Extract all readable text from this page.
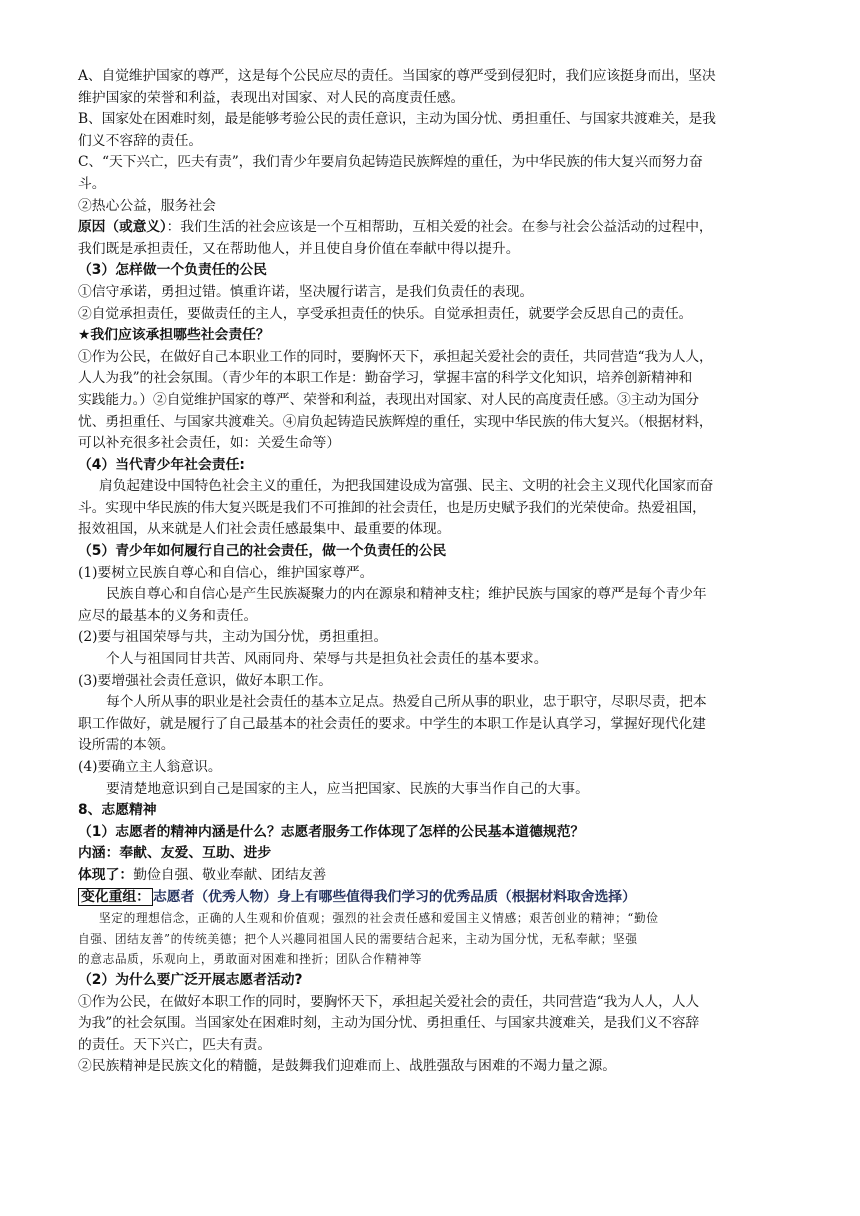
A、自觉维护国家的尊严，这是每个公民应尽的责任。当国家的尊严受到侵犯时，我们应该挺身而出，坚决

维护国家的荣誉和利益，表现出对国家、对人民的高度责任感。

B、国家处在困难时刻，最是能够考验公民的责任意识，主动为国分忧、勇担重任、与国家共渡难关，是我

们义不容辞的责任。

C、“天下兴亡，匹夫有责”，我们青少年要肩负起铸造民族辉煌的重任，为中华民族的伟大复兴而努力奋

斗。

②热心公益，服务社会

原因（或意义）：我们生活的社会应该是一个互相帮助，互相关爱的社会。在参与社会公益活动的过程中，

我们既是承担责任，又在帮助他人，并且使自身价值在奉献中得以提升。

（3）怎样做一个负责任的公民

①信守承诺，勇担过错。慎重许诺，坚决履行诺言，是我们负责任的表现。

②自觉承担责任，要做责任的主人，享受承担责任的快乐。自觉承担责任，就要学会反思自己的责任。

★我们应该承担哪些社会责任？

①作为公民，在做好自己本职业工作的同时，要胸怀天下，承担起关爱社会的责任，共同营造“我为人人，

人人为我”的社会氛围。（青少年的本职工作是：勤奋学习，掌握丰富的科学文化知识，培养创新精神和

实践能力。）②自觉维护国家的尊严、荣誉和利益，表现出对国家、对人民的高度责任感。③主动为国分

忧、勇担重任、与国家共渡难关。④肩负起铸造民族辉煌的重任，实现中华民族的伟大复兴。（根据材料，

可以补充很多社会责任，如：关爱生命等）

（4）当代青少年社会责任:

肩负起建设中国特色社会主义的重任，为把我国建设成为富强、民主、文明的社会主义现代化国家而奋

斗。实现中华民族的伟大复兴既是我们不可推卸的社会责任，也是历史赋予我们的光荣使命。热爱祖国，

报效祖国，从来就是人们社会责任感最集中、最重要的体现。

（5）青少年如何履行自己的社会责任，做一个负责任的公民

(1)要树立民族自尊心和自信心，维护国家尊严。

民族自尊心和自信心是产生民族凝聚力的内在源泉和精神支柱；维护民族与国家的尊严是每个青少年

应尽的最基本的义务和责任。

(2)要与祖国荣辱与共，主动为国分忧，勇担重担。

个人与祖国同甘共苦、风雨同舟、荣辱与共是担负社会责任的基本要求。

(3)要增强社会责任意识，做好本职工作。

每个人所从事的职业是社会责任的基本立足点。热爱自己所从事的职业，忠于职守，尽职尽责，把本

职工作做好，就是履行了自己最基本的社会责任的要求。中学生的本职工作是认真学习，掌握好现代化建

设所需的本领。

(4)要确立主人翁意识。

要清楚地意识到自己是国家的主人，应当把国家、民族的大事当作自己的大事。

8、志愿精神

（1）志愿者的精神内涵是什么？志愿者服务工作体现了怎样的公民基本道德规范？

内涵：奉献、友爱、互助、进步

体现了：勤俭自强、敬业奉献、团结友善

变化重组： 志愿者（优秀人物）身上有哪些值得我们学习的优秀品质（根据材料取舍选择）

坚定的理想信念，正确的人生观和价值观；强烈的社会责任感和爱国主义情感；艰苦创业的精神；“勤俭

自强、团结友善”的传统美德；把个人兴趣同祖国人民的需要结合起来，主动为国分忧，无私奉献；坚强

的意志品质，乐观向上，勇敢面对困难和挫折；团队合作精神等

（2）为什么要广泛开展志愿者活动?

①作为公民，在做好本职工作的同时，要胸怀天下，承担起关爱社会的责任，共同营造“我为人人，人人

为我”的社会氛围。当国家处在困难时刻，主动为国分忧、勇担重任、与国家共渡难关，是我们义不容辞

的责任。天下兴亡，匹夫有责。

②民族精神是民族文化的精髓，是鼓舞我们迎难而上、战胜强敌与困难的不竭力量之源。
